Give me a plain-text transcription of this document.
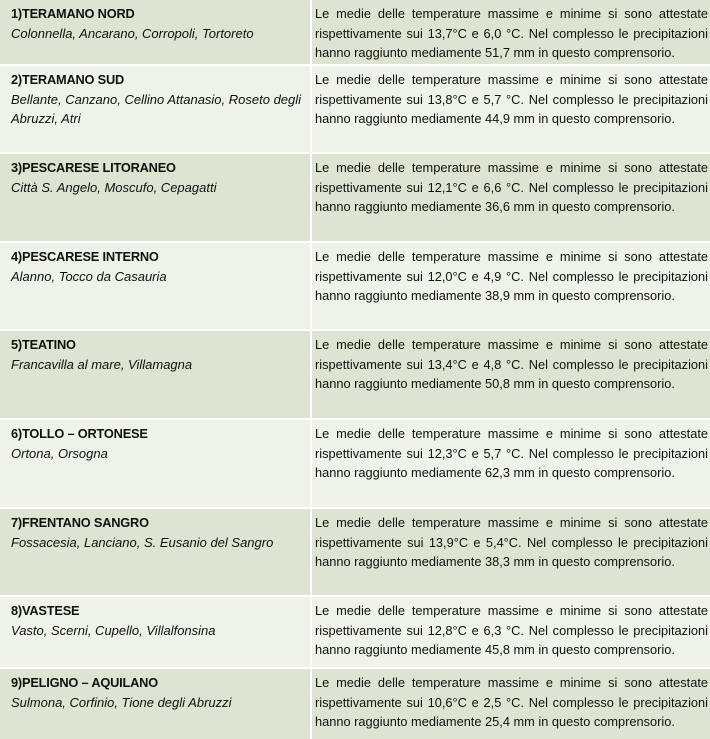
1)TERAMANO NORD
Colonnella, Ancarano, Corropoli, Tortoreto	Le medie delle temperature massime e minime si sono attestate rispettivamente sui 13,7°C e 6,0 °C. Nel complesso le precipitazioni hanno raggiunto mediamente 51,7 mm in questo comprensorio.

2)TERAMANO SUD
Bellante, Canzano, Cellino Attanasio, Roseto degli Abruzzi, Atri	Le medie delle temperature massime e minime si sono attestate rispettivamente sui 13,8°C e 5,7 °C. Nel complesso le precipitazioni hanno raggiunto mediamente 44,9 mm in questo comprensorio.

3)PESCARESE LITORANEO
Città S. Angelo, Moscufo, Cepagatti	Le medie delle temperature massime e minime si sono attestate rispettivamente sui 12,1°C e 6,6 °C. Nel complesso le precipitazioni hanno raggiunto mediamente 36,6 mm in questo comprensorio.

4)PESCARESE INTERNO
Alanno, Tocco da Casauria	Le medie delle temperature massime e minime si sono attestate rispettivamente sui 12,0°C e 4,9 °C. Nel complesso le precipitazioni hanno raggiunto mediamente 38,9 mm in questo comprensorio.

5)TEATINO
Francavilla al mare, Villamagna	Le medie delle temperature massime e minime si sono attestate rispettivamente sui 13,4°C e 4,8 °C. Nel complesso le precipitazioni hanno raggiunto mediamente 50,8 mm in questo comprensorio.

6)TOLLO – ORTONESE
Ortona, Orsogna	Le medie delle temperature massime e minime si sono attestate rispettivamente sui 12,3°C e 5,7 °C. Nel complesso le precipitazioni hanno raggiunto mediamente 62,3 mm in questo comprensorio.

7)FRENTANO SANGRO
Fossacesia, Lanciano, S. Eusanio del Sangro	Le medie delle temperature massime e minime si sono attestate rispettivamente sui 13,9°C e 5,4°C. Nel complesso le precipitazioni hanno raggiunto mediamente 38,3 mm in questo comprensorio.

8)VASTESE
Vasto, Scerni, Cupello, Villalfonsina	Le medie delle temperature massime e minime si sono attestate rispettivamente sui 12,8°C e 6,3 °C. Nel complesso le precipitazioni hanno raggiunto mediamente 45,8 mm in questo comprensorio.

9)PELIGNO – AQUILANO
Sulmona, Corfinio, Tione degli Abruzzi	Le medie delle temperature massime e minime si sono attestate rispettivamente sui 10,6°C e 2,5 °C. Nel complesso le precipitazioni hanno raggiunto mediamente 25,4 mm in questo comprensorio.
